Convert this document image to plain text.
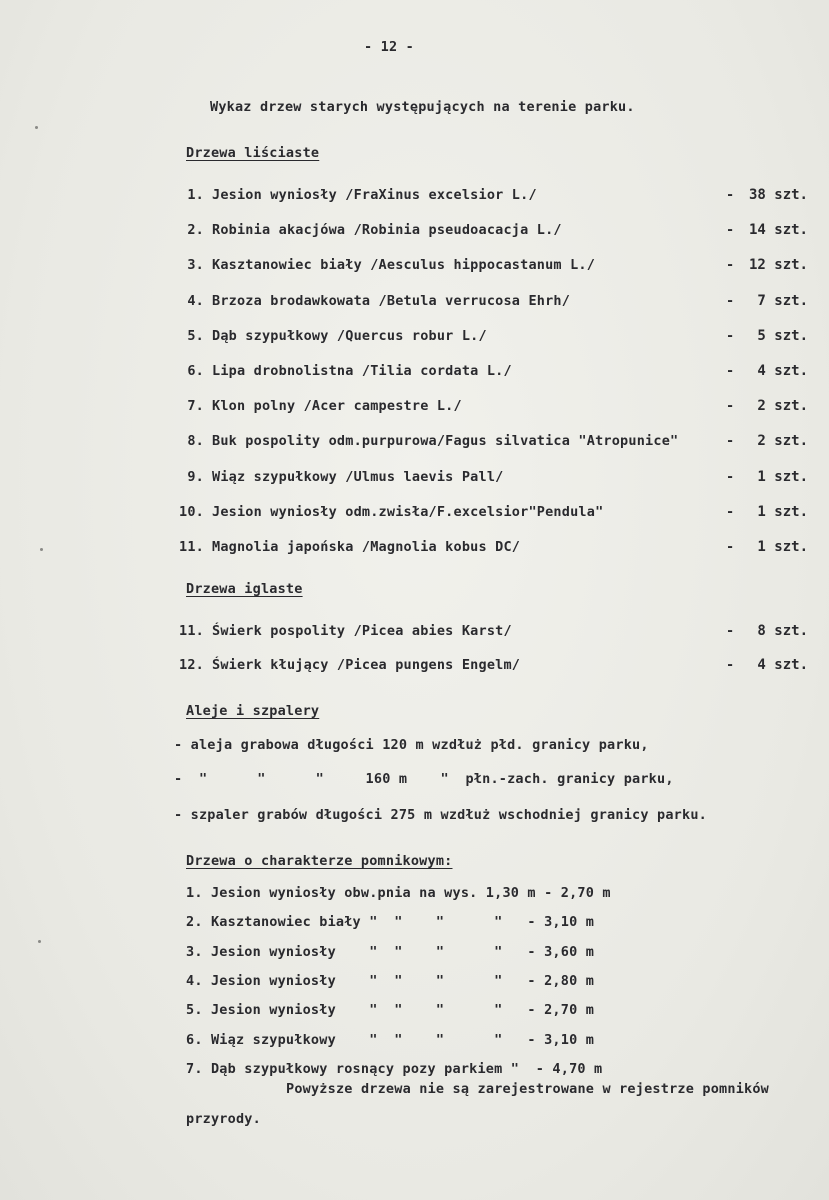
- 12 -
Wykaz drzew starych występujących na terenie parku.
Drzewa liściaste
1. Jesion wyniosły /FraXinus excelsior L./	-	38 szt.
2. Robinia akacjówa /Robinia pseudoacacja L./	-	14 szt.
3. Kasztanowiec biały /Aesculus hippocastanum L./	-	12 szt.
4. Brzoza brodawkowata /Betula verrucosa Ehrh/	-	7 szt.
5. Dąb szypułkowy /Quercus robur L./	-	5 szt.
6. Lipa drobnolistna /Tilia cordata L./	-	4 szt.
7. Klon polny /Acer campestre L./	-	2 szt.
8. Buk pospolity odm.purpurowa/Fagus silvatica "Atropunice"	-	2 szt.
9. Wiąz szypułkowy /Ulmus laevis Pall/	-	1 szt.
10. Jesion wyniosły odm.zwisła/F.excelsior"Pendula"	-	1 szt.
11. Magnolia japońska /Magnolia kobus DC/	-	1 szt.
Drzewa iglaste
11. Świerk pospolity /Picea abies Karst/	-	8 szt.
12. Świerk kłujący /Picea pungens Engelm/	-	4 szt.
Aleje i szpalery
- aleja grabowa długości 120 m wzdłuż płd. granicy parku,
-  "      "      "     160 m    "  płn.-zach. granicy parku,
- szpaler grabów długości 275 m wzdłuż wschodniej granicy parku.
Drzewa o charakterze pomnikowym:
1. Jesion wyniosły obw.pnia na wys. 1,30 m - 2,70 m
2. Kasztanowiec biały "  "    "      "   - 3,10 m
3. Jesion wyniosły    "  "    "      "   - 3,60 m
4. Jesion wyniosły    "  "    "      "   - 2,80 m
5. Jesion wyniosły    "  "    "      "   - 2,70 m
6. Wiąz szypułkowy    "  "    "      "   - 3,10 m
7. Dąb szypułkowy rosnący pozy parkiem "  - 4,70 m
Powyższe drzewa nie są zarejestrowane w rejestrze pomników
przyrody.
